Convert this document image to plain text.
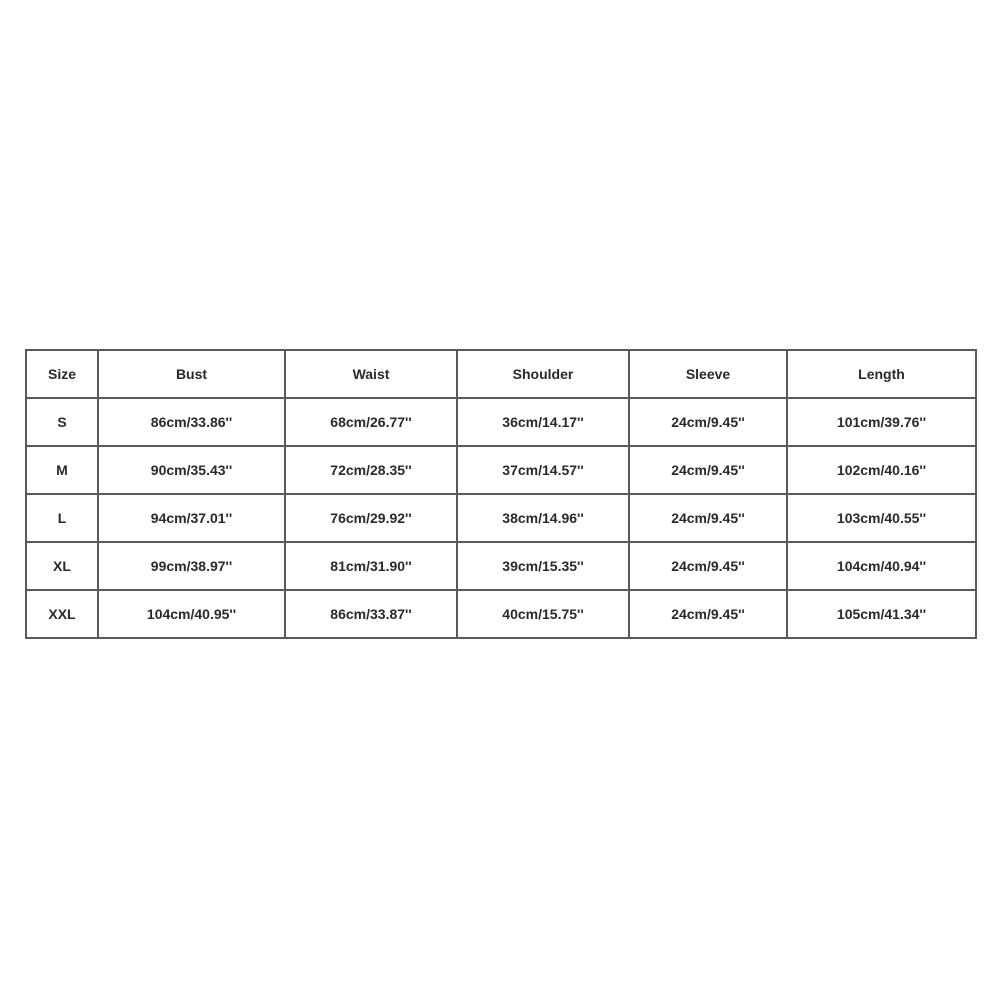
Size	Bust	Waist	Shoulder	Sleeve	Length
S	86cm/33.86''	68cm/26.77''	36cm/14.17''	24cm/9.45''	101cm/39.76''
M	90cm/35.43''	72cm/28.35''	37cm/14.57''	24cm/9.45''	102cm/40.16''
L	94cm/37.01''	76cm/29.92''	38cm/14.96''	24cm/9.45''	103cm/40.55''
XL	99cm/38.97''	81cm/31.90''	39cm/15.35''	24cm/9.45''	104cm/40.94''
XXL	104cm/40.95''	86cm/33.87''	40cm/15.75''	24cm/9.45''	105cm/41.34''
